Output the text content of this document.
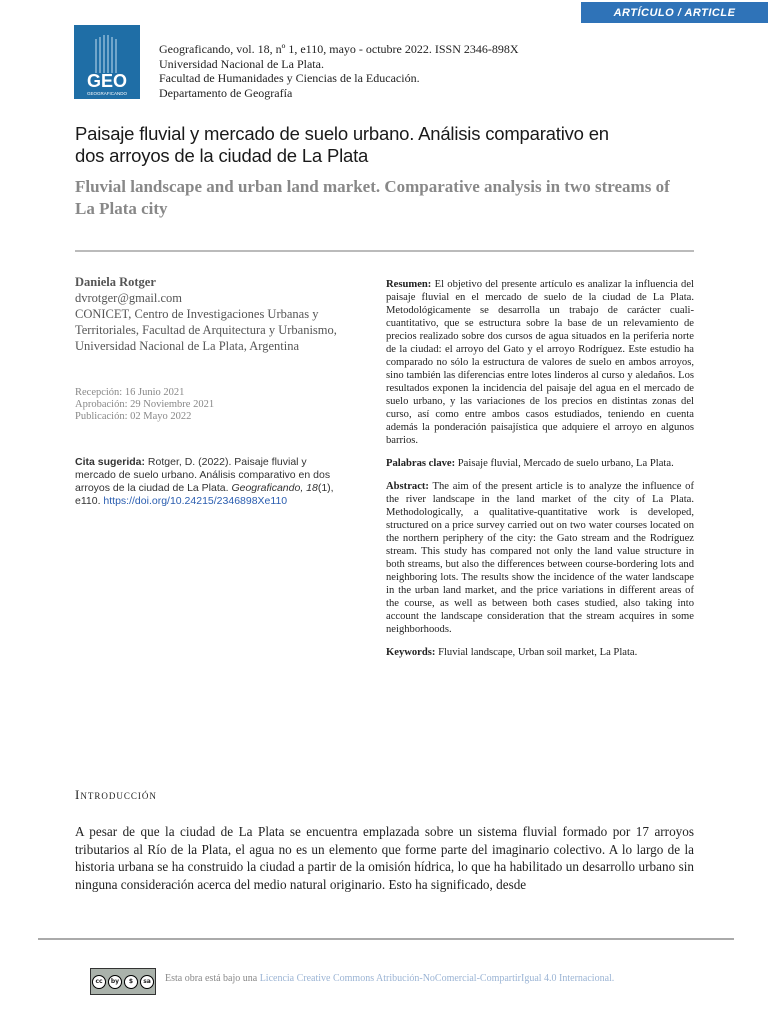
ARTÍCULO / ARTICLE
GEO
GEOGRAFICANDO
Geograficando, vol. 18, nº 1, e110, mayo - octubre 2022. ISSN 2346-898X
Universidad Nacional de La Plata.
Facultad de Humanidades y Ciencias de la Educación.
Departamento de Geografía
Paisaje fluvial y mercado de suelo urbano. Análisis comparativo en
dos arroyos de la ciudad de La Plata
Fluvial landscape and urban land market. Comparative analysis in two streams of
La Plata city
Daniela Rotger
dvrotger@gmail.com
CONICET, Centro de Investigaciones Urbanas y
Territoriales, Facultad de Arquitectura y Urbanismo,
Universidad Nacional de La Plata, Argentina
Recepción: 16 Junio 2021
Aprobación: 29 Noviembre 2021
Publicación: 02 Mayo 2022
Cita sugerida: Rotger, D. (2022). Paisaje fluvial y mercado de suelo urbano. Análisis comparativo en dos arroyos de la ciudad de La Plata. Geograficando, 18(1), e110. https://doi.org/10.24215/2346898Xe110

Resumen: El objetivo del presente artículo es analizar la influencia del paisaje fluvial en el mercado de suelo de la ciudad de La Plata. Metodológicamente se desarrolla un trabajo de carácter cuali-cuantitativo, que se estructura sobre la base de un relevamiento de precios realizado sobre dos cursos de agua situados en la periferia norte de la ciudad: el arroyo del Gato y el arroyo Rodríguez. Este estudio ha comparado no sólo la estructura de valores de suelo en ambos arroyos, sino también las diferencias entre lotes linderos al curso y aledaños. Los resultados exponen la incidencia del paisaje del agua en el mercado de suelo urbano, y las variaciones de los precios en distintas zonas del curso, así como entre ambos casos estudiados, teniendo en cuenta además la ponderación paisajística que adquiere el arroyo en algunos barrios.

Palabras clave: Paisaje fluvial, Mercado de suelo urbano, La Plata.

Abstract: The aim of the present article is to analyze the influence of the river landscape in the land market of the city of La Plata. Methodologically, a qualitative-quantitative work is developed, structured on a price survey carried out on two water courses located on the northern periphery of the city: the Gato stream and the Rodríguez stream. This study has compared not only the land value structure in both streams, but also the differences between course-bordering lots and neighboring lots. The results show the incidence of the water landscape in the urban land market, and the price variations in different areas of the course, as well as between both cases studied, also taking into account the landscape consideration that the stream acquires in some neighborhoods.

Keywords: Fluvial landscape, Urban soil market, La Plata.

Introducción
A pesar de que la ciudad de La Plata se encuentra emplazada sobre un sistema fluvial formado por 17 arroyos tributarios al Río de la Plata, el agua no es un elemento que forme parte del imaginario colectivo. A lo largo de la historia urbana se ha construido la ciudad a partir de la omisión hídrica, lo que ha habilitado un desarrollo urbano sin ninguna consideración acerca del medio natural originario. Esto ha significado, desde
cc	by	$	sa	Esta obra está bajo una Licencia Creative Commons Atribución-NoComercial-CompartirIgual 4.0 Internacional.
